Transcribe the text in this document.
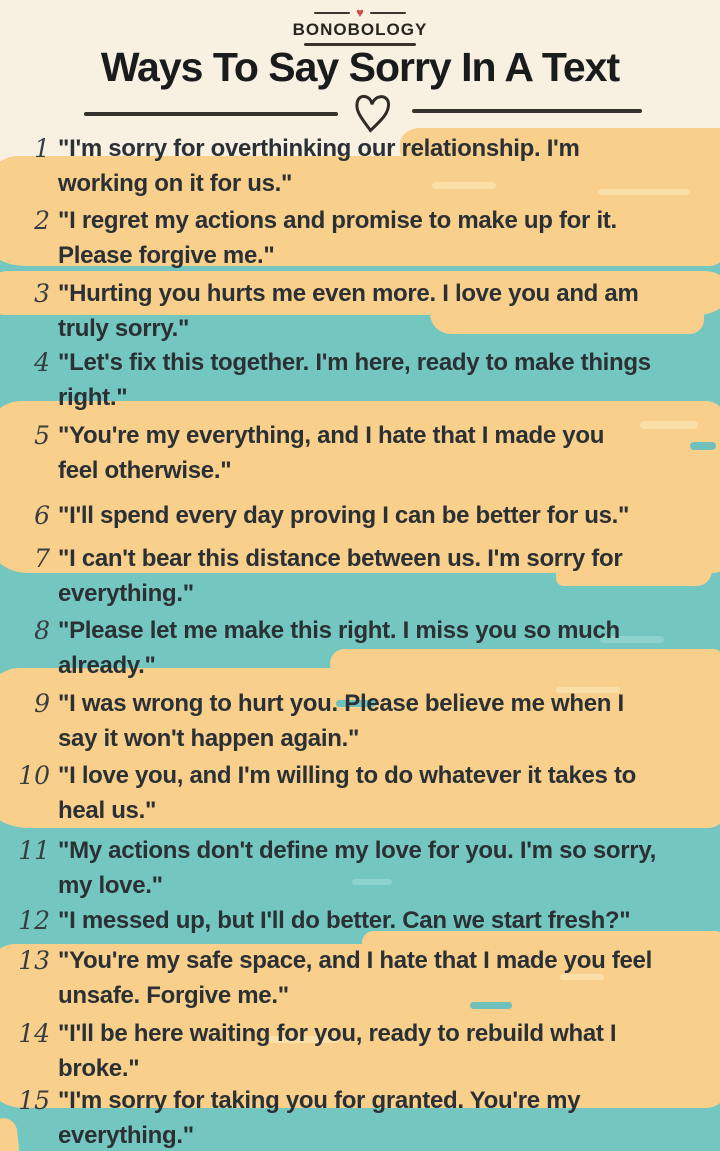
♥
BONOBOLOGY
Ways To Say Sorry In A Text
1 "I'm sorry for overthinking our relationship. I'm
working on it for us."
2 "I regret my actions and promise to make up for it.
Please forgive me."
3 "Hurting you hurts me even more. I love you and am
truly sorry."
4 "Let's fix this together. I'm here, ready to make things
right."
5 "You're my everything, and I hate that I made you
feel otherwise."
6 "I'll spend every day proving I can be better for us."
7 "I can't bear this distance between us. I'm sorry for
everything."
8 "Please let me make this right. I miss you so much
already."
9 "I was wrong to hurt you. Please believe me when I
say it won't happen again."
10 "I love you, and I'm willing to do whatever it takes to
heal us."
11 "My actions don't define my love for you. I'm so sorry,
my love."
12 "I messed up, but I'll do better. Can we start fresh?"
13 "You're my safe space, and I hate that I made you feel
unsafe. Forgive me."
14 "I'll be here waiting for you, ready to rebuild what I
broke."
15 "I'm sorry for taking you for granted. You're my
everything."
